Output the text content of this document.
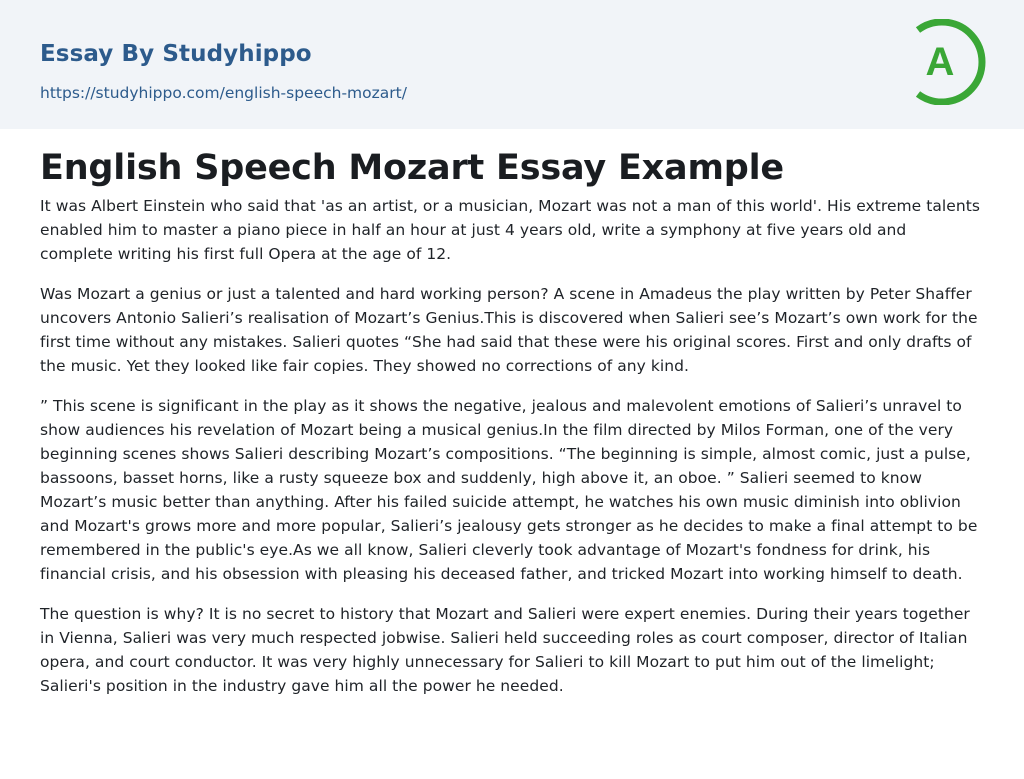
Essay By Studyhippo
https://studyhippo.com/english-speech-mozart/
A
English Speech Mozart Essay Example

It was Albert Einstein who said that 'as an artist, or a musician, Mozart was not a man of this world'. His extreme talents enabled him to master a piano piece in half an hour at just 4 years old, write a symphony at five years old and complete writing his first full Opera at the age of 12.

Was Mozart a genius or just a talented and hard working person? A scene in Amadeus the play written by Peter Shaffer uncovers Antonio Salieri’s realisation of Mozart’s Genius.This is discovered when Salieri see’s Mozart’s own work for the first time without any mistakes. Salieri quotes “She had said that these were his original scores. First and only drafts of the music. Yet they looked like fair copies. They showed no corrections of any kind.

” This scene is significant in the play as it shows the negative, jealous and malevolent emotions of Salieri’s unravel to show audiences his revelation of Mozart being a musical genius.In the film directed by Milos Forman, one of the very beginning scenes shows Salieri describing Mozart’s compositions. “The beginning is simple, almost comic, just a pulse, bassoons, basset horns, like a rusty squeeze box and suddenly, high above it, an oboe. ” Salieri seemed to know Mozart’s music better than anything. After his failed suicide attempt, he watches his own music diminish into oblivion and Mozart's grows more and more popular, Salieri’s jealousy gets stronger as he decides to make a final attempt to be remembered in the public's eye.As we all know, Salieri cleverly took advantage of Mozart's fondness for drink, his financial crisis, and his obsession with pleasing his deceased father, and tricked Mozart into working himself to death.

The question is why? It is no secret to history that Mozart and Salieri were expert enemies. During their years together in Vienna, Salieri was very much respected jobwise. Salieri held succeeding roles as court composer, director of Italian opera, and court conductor. It was very highly unnecessary for Salieri to kill Mozart to put him out of the limelight; Salieri's position in the industry gave him all the power he needed.
